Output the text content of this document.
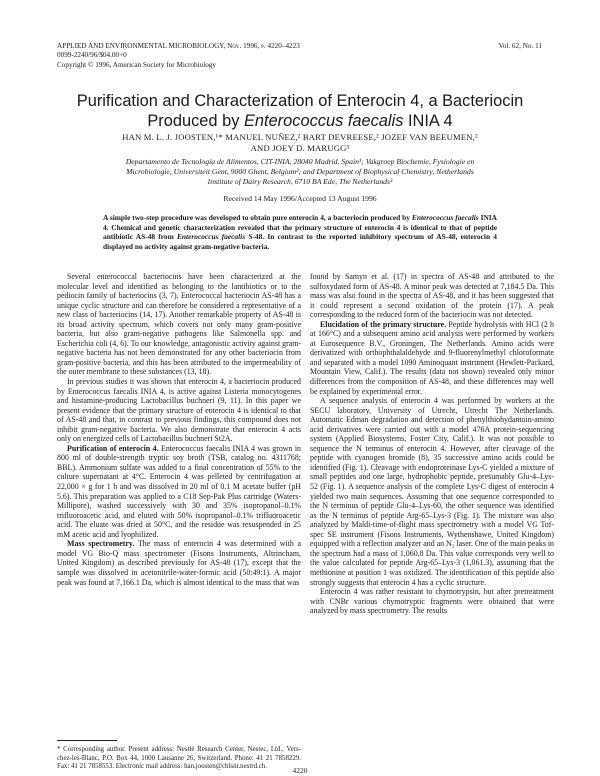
APPLIED AND ENVIRONMENTAL MICROBIOLOGY, Nov. 1996, p. 4220–4223
0099-2240/96/$04.00+0
Copyright © 1996, American Society for Microbiology
Vol. 62, No. 11
Purification and Characterization of Enterocin 4, a Bacteriocin
Produced by Enterococcus faecalis INIA 4
HAN M. L. J. JOOSTEN,¹* MANUEL NUÑEZ,² BART DEVREESE,² JOZEF VAN BEEUMEN,²
AND JOEY D. MARUGG³
Departamento de Tecnología de Alimentos, CIT-INIA, 28040 Madrid, Spain¹; Vakgroep Biochemie, Fysiologie en
Microbiologie, Universiteit Gent, 9000 Ghent, Belgium²; and Department of Biophysical Chemistry, Netherlands
Institute of Dairy Research, 6710 BA Ede, The Netherlands³
Received 14 May 1996/Accepted 13 August 1996
A simple two-step procedure was developed to obtain pure enterocin 4, a bacteriocin produced by Enterococcus faecalis INIA 4. Chemical and genetic characterization revealed that the primary structure of enterocin 4 is identical to that of peptide antibiotic AS-48 from Enterococcus faecalis S-48. In contrast to the reported inhibitory spectrum of AS-48, enterocin 4 displayed no activity against gram-negative bacteria.

Several enterococcal bacteriocins have been characterized at the molecular level and identified as belonging to the lantibiotics or to the pediocin family of bacteriocins (3, 7). Enterococcal bacteriocin AS-48 has a unique cyclic structure and can therefore be considered a representative of a new class of bacteriocins (14, 17). Another remarkable property of AS-48 is its broad activity spectrum, which covers not only many gram-positive bacteria, but also gram-negative pathogens like Salmonella spp. and Escherichia coli (4, 6). To our knowledge, antagonistic activity against gram-negative bacteria has not been demonstrated for any other bacteriocin from gram-positive bacteria, and this has been attributed to the impermeability of the outer membrane to these substances (13, 18).

In previous studies it was shown that enterocin 4, a bacteriocin produced by Enterococcus faecalis INIA 4, is active against Listeria monocytogenes and histamine-producing Lactobacillus buchneri (9, 11). In this paper we present evidence that the primary structure of enterocin 4 is identical to that of AS-48 and that, in contrast to previous findings, this compound does not inhibit gram-negative bacteria. We also demonstrate that enterocin 4 acts only on energized cells of Lactobacillus buchneri St2A.

Purification of enterocin 4. Enterococcus faecalis INIA 4 was grown in 800 ml of double-strength tryptic soy broth (TSB, catalog no. 4311768; BBL). Ammonium sulfate was added to a final concentration of 55% to the culture supernatant at 4°C. Enterocin 4 was pelleted by centrifugation at 22,000 × g for 1 h and was dissolved in 20 ml of 0.1 M acetate buffer (pH 5.6). This preparation was applied to a C18 Sep-Pak Plus cartridge (Waters-Millipore), washed successively with 30 and 35% isopropanol–0.1% trifluoroacetic acid, and eluted with 50% isopropanol–0.1% trifluoroacetic acid. The eluate was dried at 50°C, and the residue was resuspended in 25 mM acetic acid and lyophilized.

Mass spectrometry. The mass of enterocin 4 was determined with a model VG Bio-Q mass spectrometer (Fisons Instruments, Altrincham, United Kingdom) as described previously for AS-48 (17), except that the sample was dissolved in acetonitrile-water-formic acid (50:49:1). A major peak was found at 7,166.1 Da, which is almost identical to the mass that was

found by Samyn et al. (17) in spectra of AS-48 and attributed to the sulfoxydated form of AS-48. A minor peak was detected at 7,184.5 Da. This mass was also found in the spectra of AS-48, and it has been suggested that it could represent a second oxidation of the protein (17). A peak corresponding to the reduced form of the bacteriocin was not detected.

Elucidation of the primary structure. Peptide hydrolysis with HCl (2 h at 166°C) and a subsequent amino acid analysis were performed by workers at Eurosequence B.V., Groningen, The Netherlands. Amino acids were derivatized with orthophthalaldehyde and 9-fluorenylmethyl chloroformate and separated with a model 1090 Aminoquant instrument (Hewlett-Packard, Mountain View, Calif.). The results (data not shown) revealed only minor differences from the composition of AS-48, and these differences may well be explained by experimental error.

A sequence analysis of enterocin 4 was performed by workers at the SECU laboratory, University of Utrecht, Utrecht The Netherlands. Automatic Edman degradation and detection of phenylthiohydantoin-amino acid derivatives were carried out with a model 476A protein-sequencing system (Applied Biosystems, Foster City, Calif.). It was not possible to sequence the N terminus of enterocin 4. However, after cleavage of the peptide with cyanogen bromide (8), 35 successive amino acids could be identified (Fig. 1). Cleavage with endoproteinase Lys-C yielded a mixture of small peptides and one large, hydrophobic peptide, presumably Glu-4–Lys-52 (Fig. 1). A sequence analysis of the complete Lys-C digest of enterocin 4 yielded two main sequences. Assuming that one sequence corresponded to the N terminus of peptide Glu-4–Lys-60, the other sequence was identified as the N terminus of peptide Arg-65–Lys-3 (Fig. 1). The mixture was also analyzed by Maldi-time-of-flight mass spectrometry with a model VG Tof-spec SE instrument (Fisons Instruments, Wythenshawe, United Kingdom) equipped with a reflection analyzer and an N₂ laser. One of the main peaks in the spectrum had a mass of 1,060.8 Da. This value corresponds very well to the value calculated for peptide Arg-65–Lys-3 (1,061.3), assuming that the methionine at position 1 was oxidized. The identification of this peptide also strongly suggests that enterocin 4 has a cyclic structure.

Enterocin 4 was rather resistant to chymotrypsin, but after pretreatment with CNBr various chymotryptic fragments were obtained that were analyzed by mass spectrometry. The results

* Corresponding author. Present address: Nestlé Research Center, Nestec, Ltd., Vers-chez-les-Blanc, P.O. Box 44, 1000 Lausanne 26, Switzerland. Phone: 41 21 7858229. Fax: 41 21 7858553. Electronic mail address: han.joosten@chlsnr.nestrd.ch.	4220
